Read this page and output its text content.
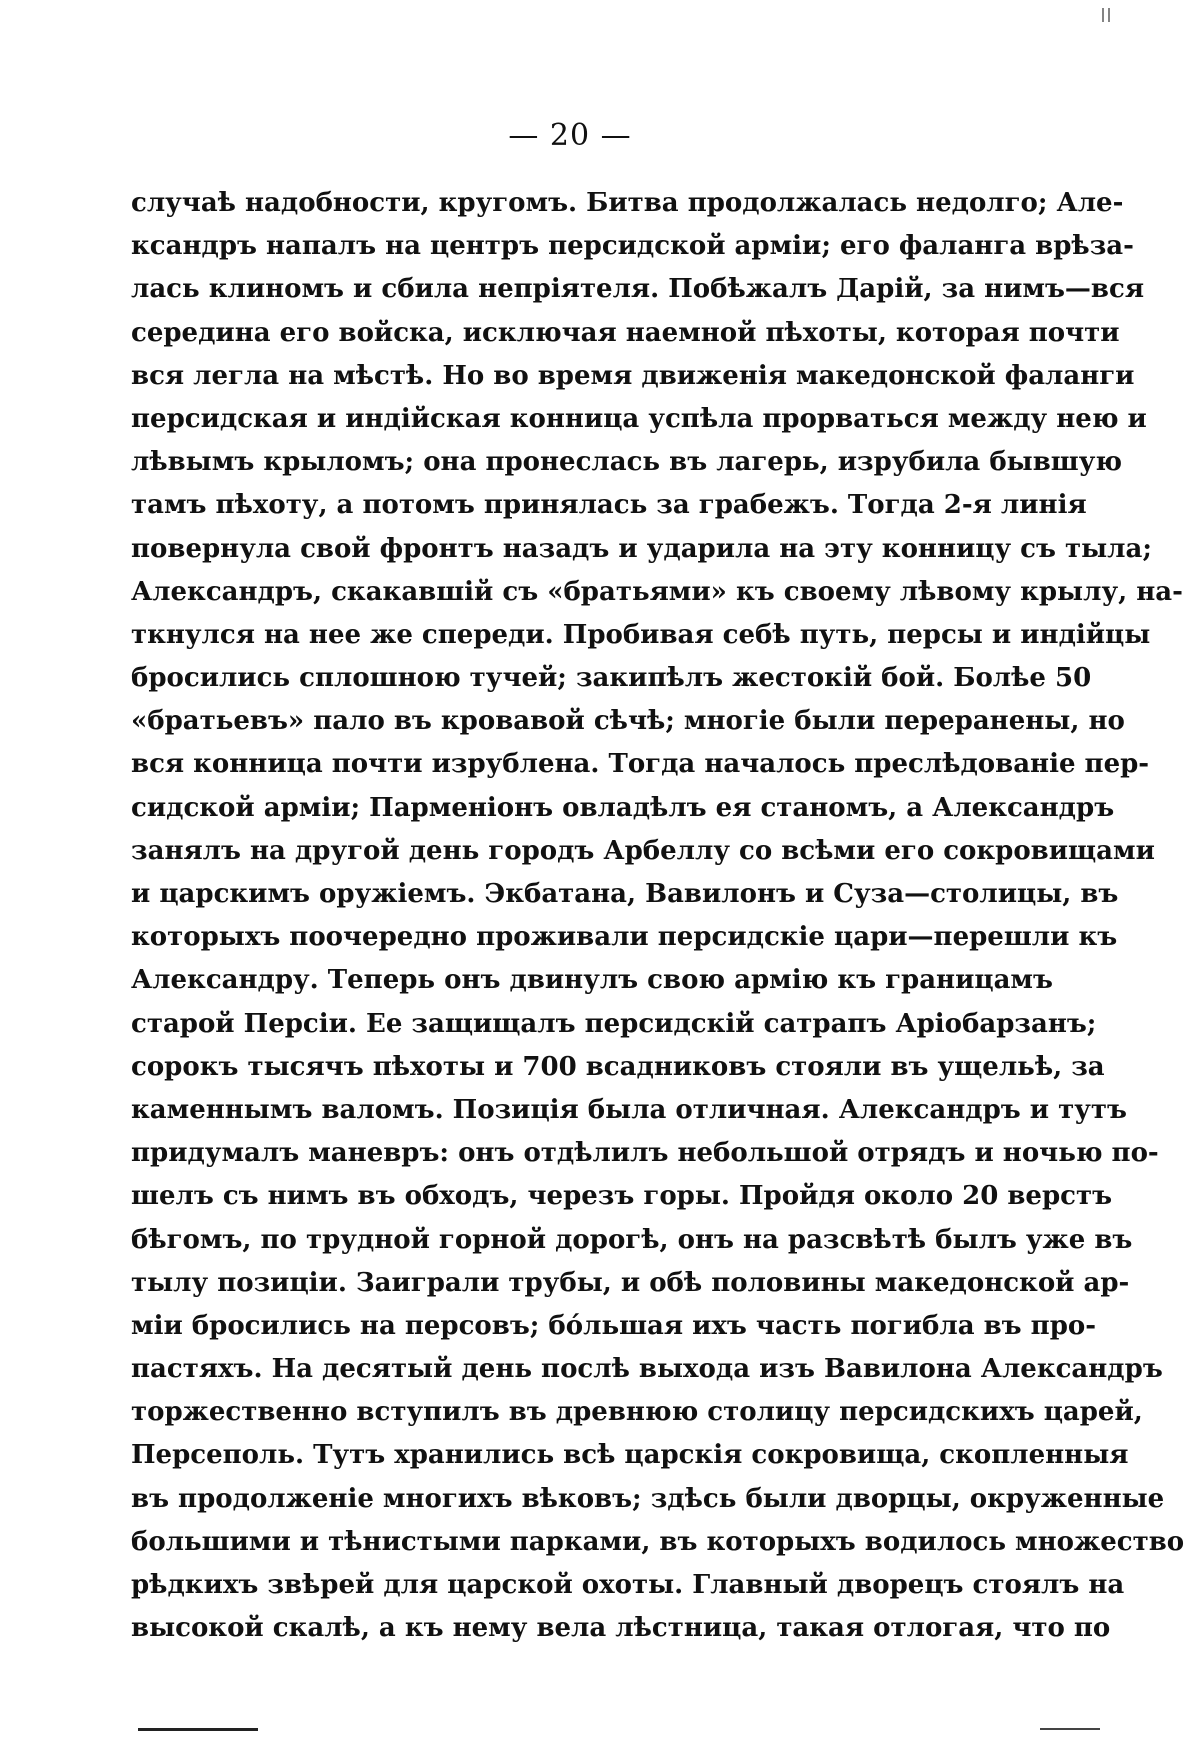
— 20 —
случаѣ надобности, кругомъ. Битва продолжалась недолго; Але-
ксандръ напалъ на центръ персидской арміи; его фаланга врѣза-
лась клиномъ и сбила непріятеля. Побѣжалъ Дарій, за нимъ—вся
середина его войска, исключая наемной пѣхоты, которая почти
вся легла на мѣстѣ. Но во время движенія македонской фаланги
персидская и индійская конница успѣла прорваться между нею и
лѣвымъ крыломъ; она пронеслась въ лагерь, изрубила бывшую
тамъ пѣхоту, а потомъ принялась за грабежъ. Тогда 2-я линія
повернула свой фронтъ назадъ и ударила на эту конницу съ тыла;
Александръ, скакавшій съ «братьями» къ своему лѣвому крылу, на-
ткнулся на нее же спереди. Пробивая себѣ путь, персы и индійцы
бросились сплошною тучей; закипѣлъ жестокій бой. Болѣе 50
«братьевъ» пало въ кровавой сѣчѣ; многіе были переранены, но
вся конница почти изрублена. Тогда началось преслѣдованіе пер-
сидской арміи; Парменіонъ овладѣлъ ея станомъ, а Александръ
занялъ на другой день городъ Арбеллу со всѣми его сокровищами
и царскимъ оружіемъ. Экбатана, Вавилонъ и Суза—столицы, въ
которыхъ поочередно проживали персидскіе цари—перешли къ
Александру. Теперь онъ двинулъ свою армію къ границамъ
старой Персіи. Ее защищалъ персидскій сатрапъ Аріобарзанъ;
сорокъ тысячъ пѣхоты и 700 всадниковъ стояли въ ущельѣ, за
каменнымъ валомъ. Позиція была отличная. Александръ и тутъ
придумалъ маневръ: онъ отдѣлилъ небольшой отрядъ и ночью по-
шелъ съ нимъ въ обходъ, черезъ горы. Пройдя около 20 верстъ
бѣгомъ, по трудной горной дорогѣ, онъ на разсвѣтѣ былъ уже въ
тылу позиціи. Заиграли трубы, и обѣ половины македонской ар-
міи бросились на персовъ; бóльшая ихъ часть погибла въ про-
пастяхъ. На десятый день послѣ выхода изъ Вавилона Александръ
торжественно вступилъ въ древнюю столицу персидскихъ царей,
Персеполь. Тутъ хранились всѣ царскія сокровища, скопленныя
въ продолженіе многихъ вѣковъ; здѣсь были дворцы, окруженные
большими и тѣнистыми парками, въ которыхъ водилось множество
рѣдкихъ звѣрей для царской охоты. Главный дворецъ стоялъ на
высокой скалѣ, а къ нему вела лѣстница, такая отлогая, что по
